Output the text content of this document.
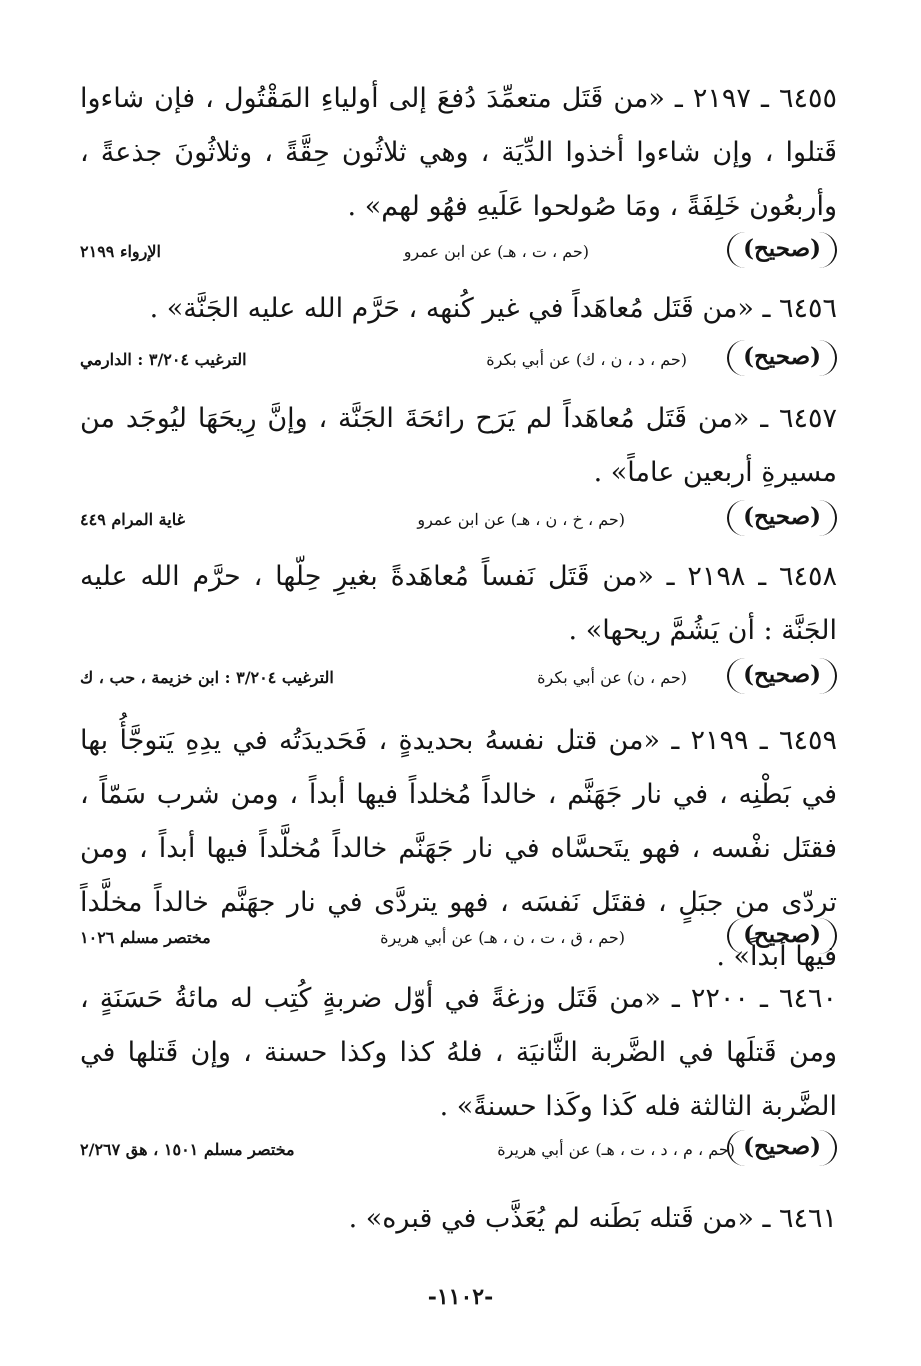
٦٤٥٥ ـ ٢١٩٧ ـ «من قَتَل متعمِّدَ دُفعَ إلى أولياءِ المَقْتُول ، فإن شاءوا قَتلوا ، وإن شاءوا أخذوا الدِّيَة ، وهي ثلاثُون حِقَّةً ، وثلاثُونَ جذعةً ، وأربعُون خَلِفَةً ، ومَا صُولحوا عَلَيهِ فهُو لهم» .

(صحيح)
(حم ، ت ، هـ) عن ابن عمرو
الإرواء ٢١٩٩

٦٤٥٦ ـ «من قَتَل مُعاهَداً في غير كُنهه ، حَرَّم الله عليه الجَنَّة» .

(صحيح)
(حم ، د ، ن ، ك) عن أبي بكرة
الترغيب ٣/٢٠٤ : الدارمي

٦٤٥٧ ـ «من قَتَل مُعاهَداً لم يَرَح رائحَةَ الجَنَّة ، وإنَّ رِيحَهَا ليُوجَد من مسيرةِ أربعين عاماً» .

(صحيح)
(حم ، خ ، ن ، هـ) عن ابن عمرو
غاية المرام ٤٤٩

٦٤٥٨ ـ ٢١٩٨ ـ «من قَتَل نَفساً مُعاهَدةً بغيرِ حِلّها ، حرَّم الله عليه الجَنَّة : أن يَشُمَّ ريحها» .

(صحيح)
(حم ، ن) عن أبي بكرة
الترغيب ٣/٢٠٤ : ابن خزيمة ، حب ، ك

٦٤٥٩ ـ ٢١٩٩ ـ «من قتل نفسهُ بحديدةٍ ، فَحَديدَتُه في يدِهِ يَتوجَّأُ بها في بَطْنِه ، في نار جَهَنَّم ، خالداً مُخلداً فيها أبداً ، ومن شرب سَمّاً ، فقتَل نفْسه ، فهو يتَحسَّاه في نار جَهَنَّم خالداً مُخلَّداً فيها أبداً ، ومن تردّى من جبَلٍ ، فقتَل نَفسَه ، فهو يتردَّى في نار جهَنَّم خالداً مخلَّداً فيها أبداً» .

(صحيح)
(حم ، ق ، ت ، ن ، هـ) عن أبي هريرة
مختصر مسلم ١٠٢٦

٦٤٦٠ ـ ٢٢٠٠ ـ «من قَتَل وزغةً في أوّل ضربةٍ كُتِب له مائةُ حَسَنَةٍ ، ومن قَتلَها في الضَّربة الثَّانيَة ، فلهُ كذا وكذا حسنة ، وإن قَتلها في الضَّربة الثالثة فله كَذا وكَذا حسنةً» .

(صحيح)
(حم ، م ، د ، ت ، هـ) عن أبي هريرة
مختصر مسلم ١٥٠١ ، هق ٢/٢٦٧

٦٤٦١ ـ «من قَتله بَطَنه لم يُعَذَّب في قبره» .

-١١٠٢-
